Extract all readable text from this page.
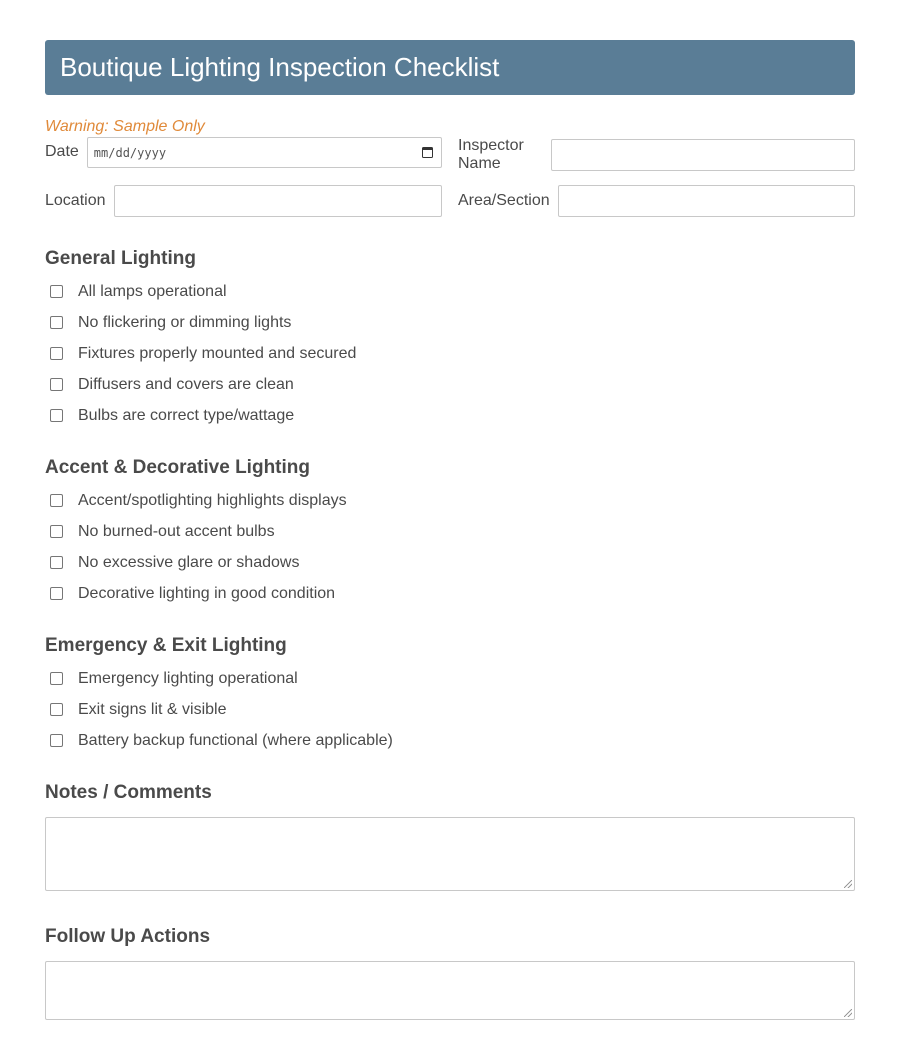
Boutique Lighting Inspection Checklist
Warning: Sample Only
Date mm/dd/yyyy	Inspector
Name
Location	Area/Section
General Lighting
All lamps operational
No flickering or dimming lights
Fixtures properly mounted and secured
Diffusers and covers are clean
Bulbs are correct type/wattage
Accent & Decorative Lighting
Accent/spotlighting highlights displays
No burned-out accent bulbs
No excessive glare or shadows
Decorative lighting in good condition
Emergency & Exit Lighting
Emergency lighting operational
Exit signs lit & visible
Battery backup functional (where applicable)
Notes / Comments
Follow Up Actions
